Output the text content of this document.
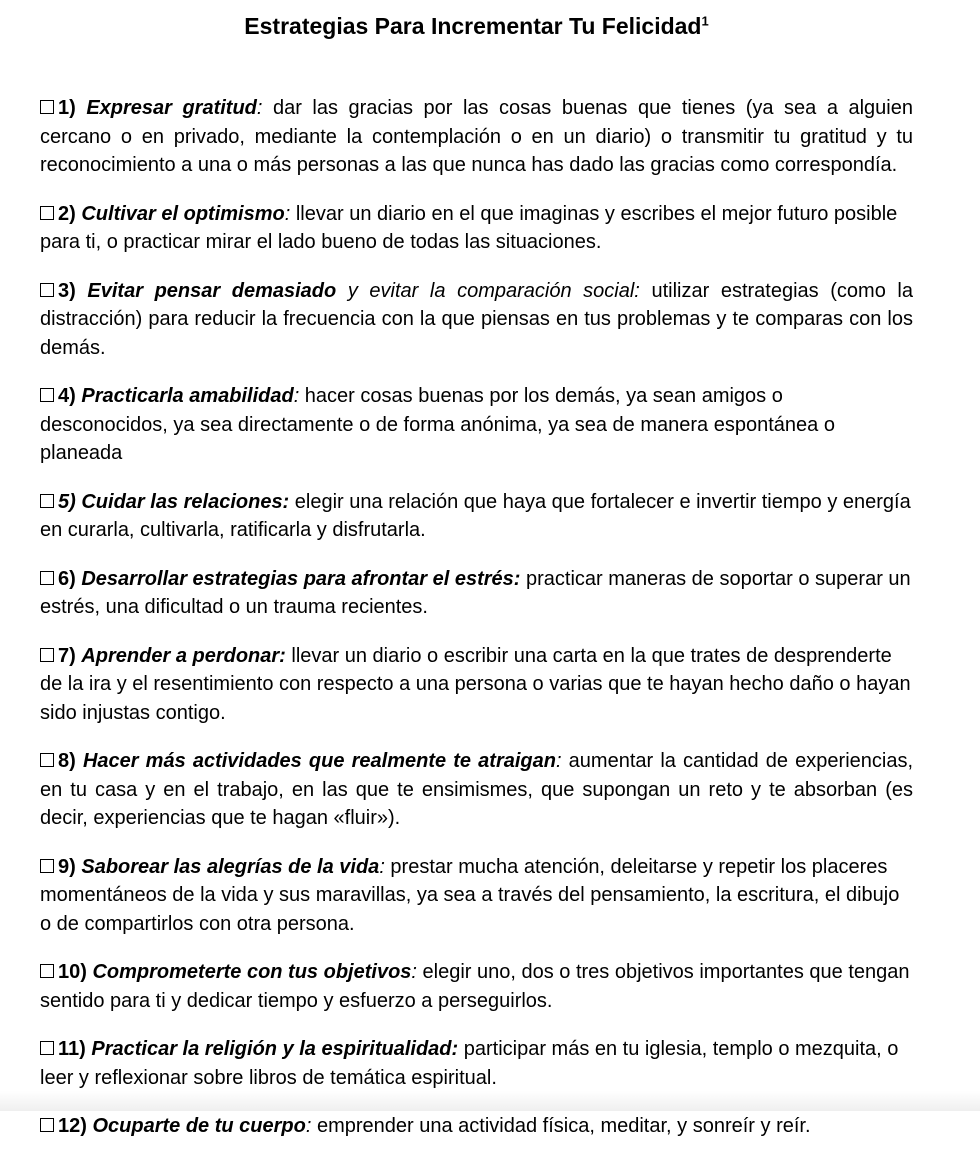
Estrategias Para Incrementar Tu Felicidad$^1$

1) Expresar gratitud: dar las gracias por las cosas buenas que tienes (ya sea a alguien cercano o en privado, mediante la contemplación o en un diario) o transmitir tu gratitud y tu reconocimiento a una o más personas a las que nunca has dado las gracias como correspondía.

2) Cultivar el optimismo: llevar un diario en el que imaginas y escribes el mejor futuro posible para ti, o practicar mirar el lado bueno de todas las situaciones.

3) Evitar pensar demasiado y evitar la comparación social: utilizar estrategias (como la distracción) para reducir la frecuencia con la que piensas en tus problemas y te comparas con los demás.

4) Practicarla amabilidad: hacer cosas buenas por los demás, ya sean amigos o desconocidos, ya sea directamente o de forma anónima, ya sea de manera espontánea o planeada

5) Cuidar las relaciones: elegir una relación que haya que fortalecer e invertir tiempo y energía en curarla, cultivarla, ratificarla y disfrutarla.

6) Desarrollar estrategias para afrontar el estrés: practicar maneras de soportar o superar un estrés, una dificultad o un trauma recientes.

7) Aprender a perdonar: llevar un diario o escribir una carta en la que trates de desprenderte de la ira y el resentimiento con respecto a una persona o varias que te hayan hecho daño o hayan sido injustas contigo.

8) Hacer más actividades que realmente te atraigan: aumentar la cantidad de experiencias, en tu casa y en el trabajo, en las que te ensimismes, que supongan un reto y te absorban (es decir, experiencias que te hagan «fluir»).

9) Saborear las alegrías de la vida: prestar mucha atención, deleitarse y repetir los placeres momentáneos de la vida y sus maravillas, ya sea a través del pensamiento, la escritura, el dibujo o de compartirlos con otra persona.

10) Comprometerte con tus objetivos: elegir uno, dos o tres objetivos importantes que tengan sentido para ti y dedicar tiempo y esfuerzo a perseguirlos.

11) Practicar la religión y la espiritualidad: participar más en tu iglesia, templo o mezquita, o leer y reflexionar sobre libros de temática espiritual.

12) Ocuparte de tu cuerpo: emprender una actividad física, meditar, y sonreír y reír.
